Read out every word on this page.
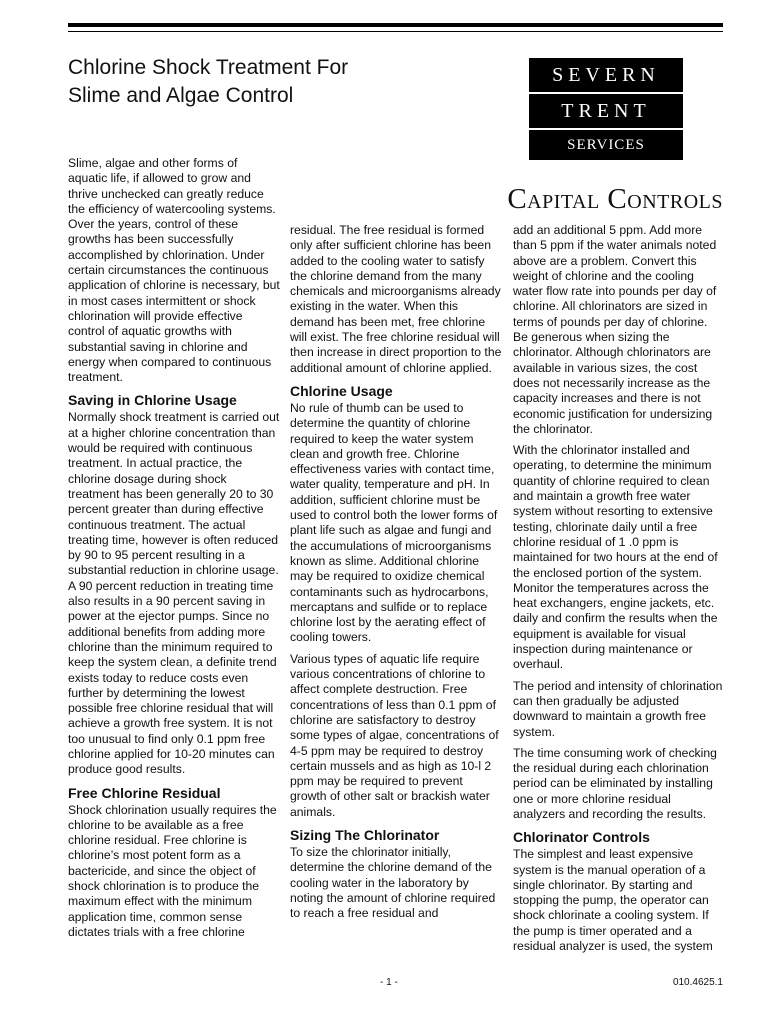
Chlorine Shock Treatment For
Slime and Algae Control
SEVERN
TRENT
SERVICES
Capital Controls

Slime, algae and other forms of aquatic life, if allowed to grow and thrive unchecked can greatly reduce the efficiency of watercooling systems. Over the years, control of these growths has been successfully accomplished by chlorination. Under certain circumstances the continuous application of chlorine is necessary, but in most cases intermittent or shock chlorination will provide effective control of aquatic growths with substantial saving in chlorine and energy when compared to continuous treatment.

Saving in Chlorine Usage

Normally shock treatment is carried out at a higher chlorine concentration than would be required with continuous treatment. In actual practice, the chlorine dosage during shock treatment has been generally 20 to 30 percent greater than during effective continuous treatment. The actual treating time, however is often reduced by 90 to 95 percent resulting in a substantial reduction in chlorine usage. A 90 percent reduction in treating time also results in a 90 percent saving in power at the ejector pumps. Since no additional benefits from adding more chlorine than the minimum required to keep the system clean, a definite trend exists today to reduce costs even further by determining the lowest possible free chlorine residual that will achieve a growth free system. It is not too unusual to find only 0.1 ppm free chlorine applied for 10-20 minutes can produce good results.

Free Chlorine Residual

Shock chlorination usually requires the chlorine to be available as a free chlorine residual. Free chlorine is chlorine’s most potent form as a bactericide, and since the object of shock chlorination is to produce the maximum effect with the minimum application time, common sense dictates trials with a free chlorine

residual. The free residual is formed only after sufficient chlorine has been added to the cooling water to satisfy the chlorine demand from the many chemicals and microorganisms already existing in the water. When this demand has been met, free chlorine will exist. The free chlorine residual will then increase in direct proportion to the additional amount of chlorine applied.

Chlorine Usage

No rule of thumb can be used to determine the quantity of chlorine required to keep the water system clean and growth free. Chlorine effectiveness varies with contact time, water quality, temperature and pH. In addition, sufficient chlorine must be used to control both the lower forms of plant life such as algae and fungi and the accumulations of microorganisms known as slime. Additional chlorine may be required to oxidize chemical contaminants such as hydrocarbons, mercaptans and sulfide or to replace chlorine lost by the aerating effect of cooling towers.

Various types of aquatic life require various concentrations of chlorine to affect complete destruction. Free concentrations of less than 0.1 ppm of chlorine are satisfactory to destroy some types of algae, concentrations of 4-5 ppm may be required to destroy certain mussels and as high as 10-l 2 ppm may be required to prevent growth of other salt or brackish water animals.

Sizing The Chlorinator

To size the chlorinator initially, determine the chlorine demand of the cooling water in the laboratory by noting the amount of chlorine required to reach a free residual and

add an additional 5 ppm. Add more than 5 ppm if the water animals noted above are a problem. Convert this weight of chlorine and the cooling water flow rate into pounds per day of chlorine. All chlorinators are sized in terms of pounds per day of chlorine. Be generous when sizing the chlorinator. Although chlorinators are available in various sizes, the cost does not necessarily increase as the capacity increases and there is not economic justification for undersizing the chlorinator.

With the chlorinator installed and operating, to determine the minimum quantity of chlorine required to clean and maintain a growth free water system without resorting to extensive testing, chlorinate daily until a free chlorine residual of 1 .0 ppm is maintained for two hours at the end of the enclosed portion of the system. Monitor the temperatures across the heat exchangers, engine jackets, etc. daily and confirm the results when the equipment is available for visual inspection during maintenance or overhaul.

The period and intensity of chlorination can then gradually be adjusted downward to maintain a growth free system.

The time consuming work of checking the residual during each chlorination period can be eliminated by installing one or more chlorine residual analyzers and recording the results.

Chlorinator Controls

The simplest and least expensive system is the manual operation of a single chlorinator. By starting and stopping the pump, the operator can shock chlorinate a cooling system. If the pump is timer operated and a residual analyzer is used, the system

- 1 -	010.4625.1
